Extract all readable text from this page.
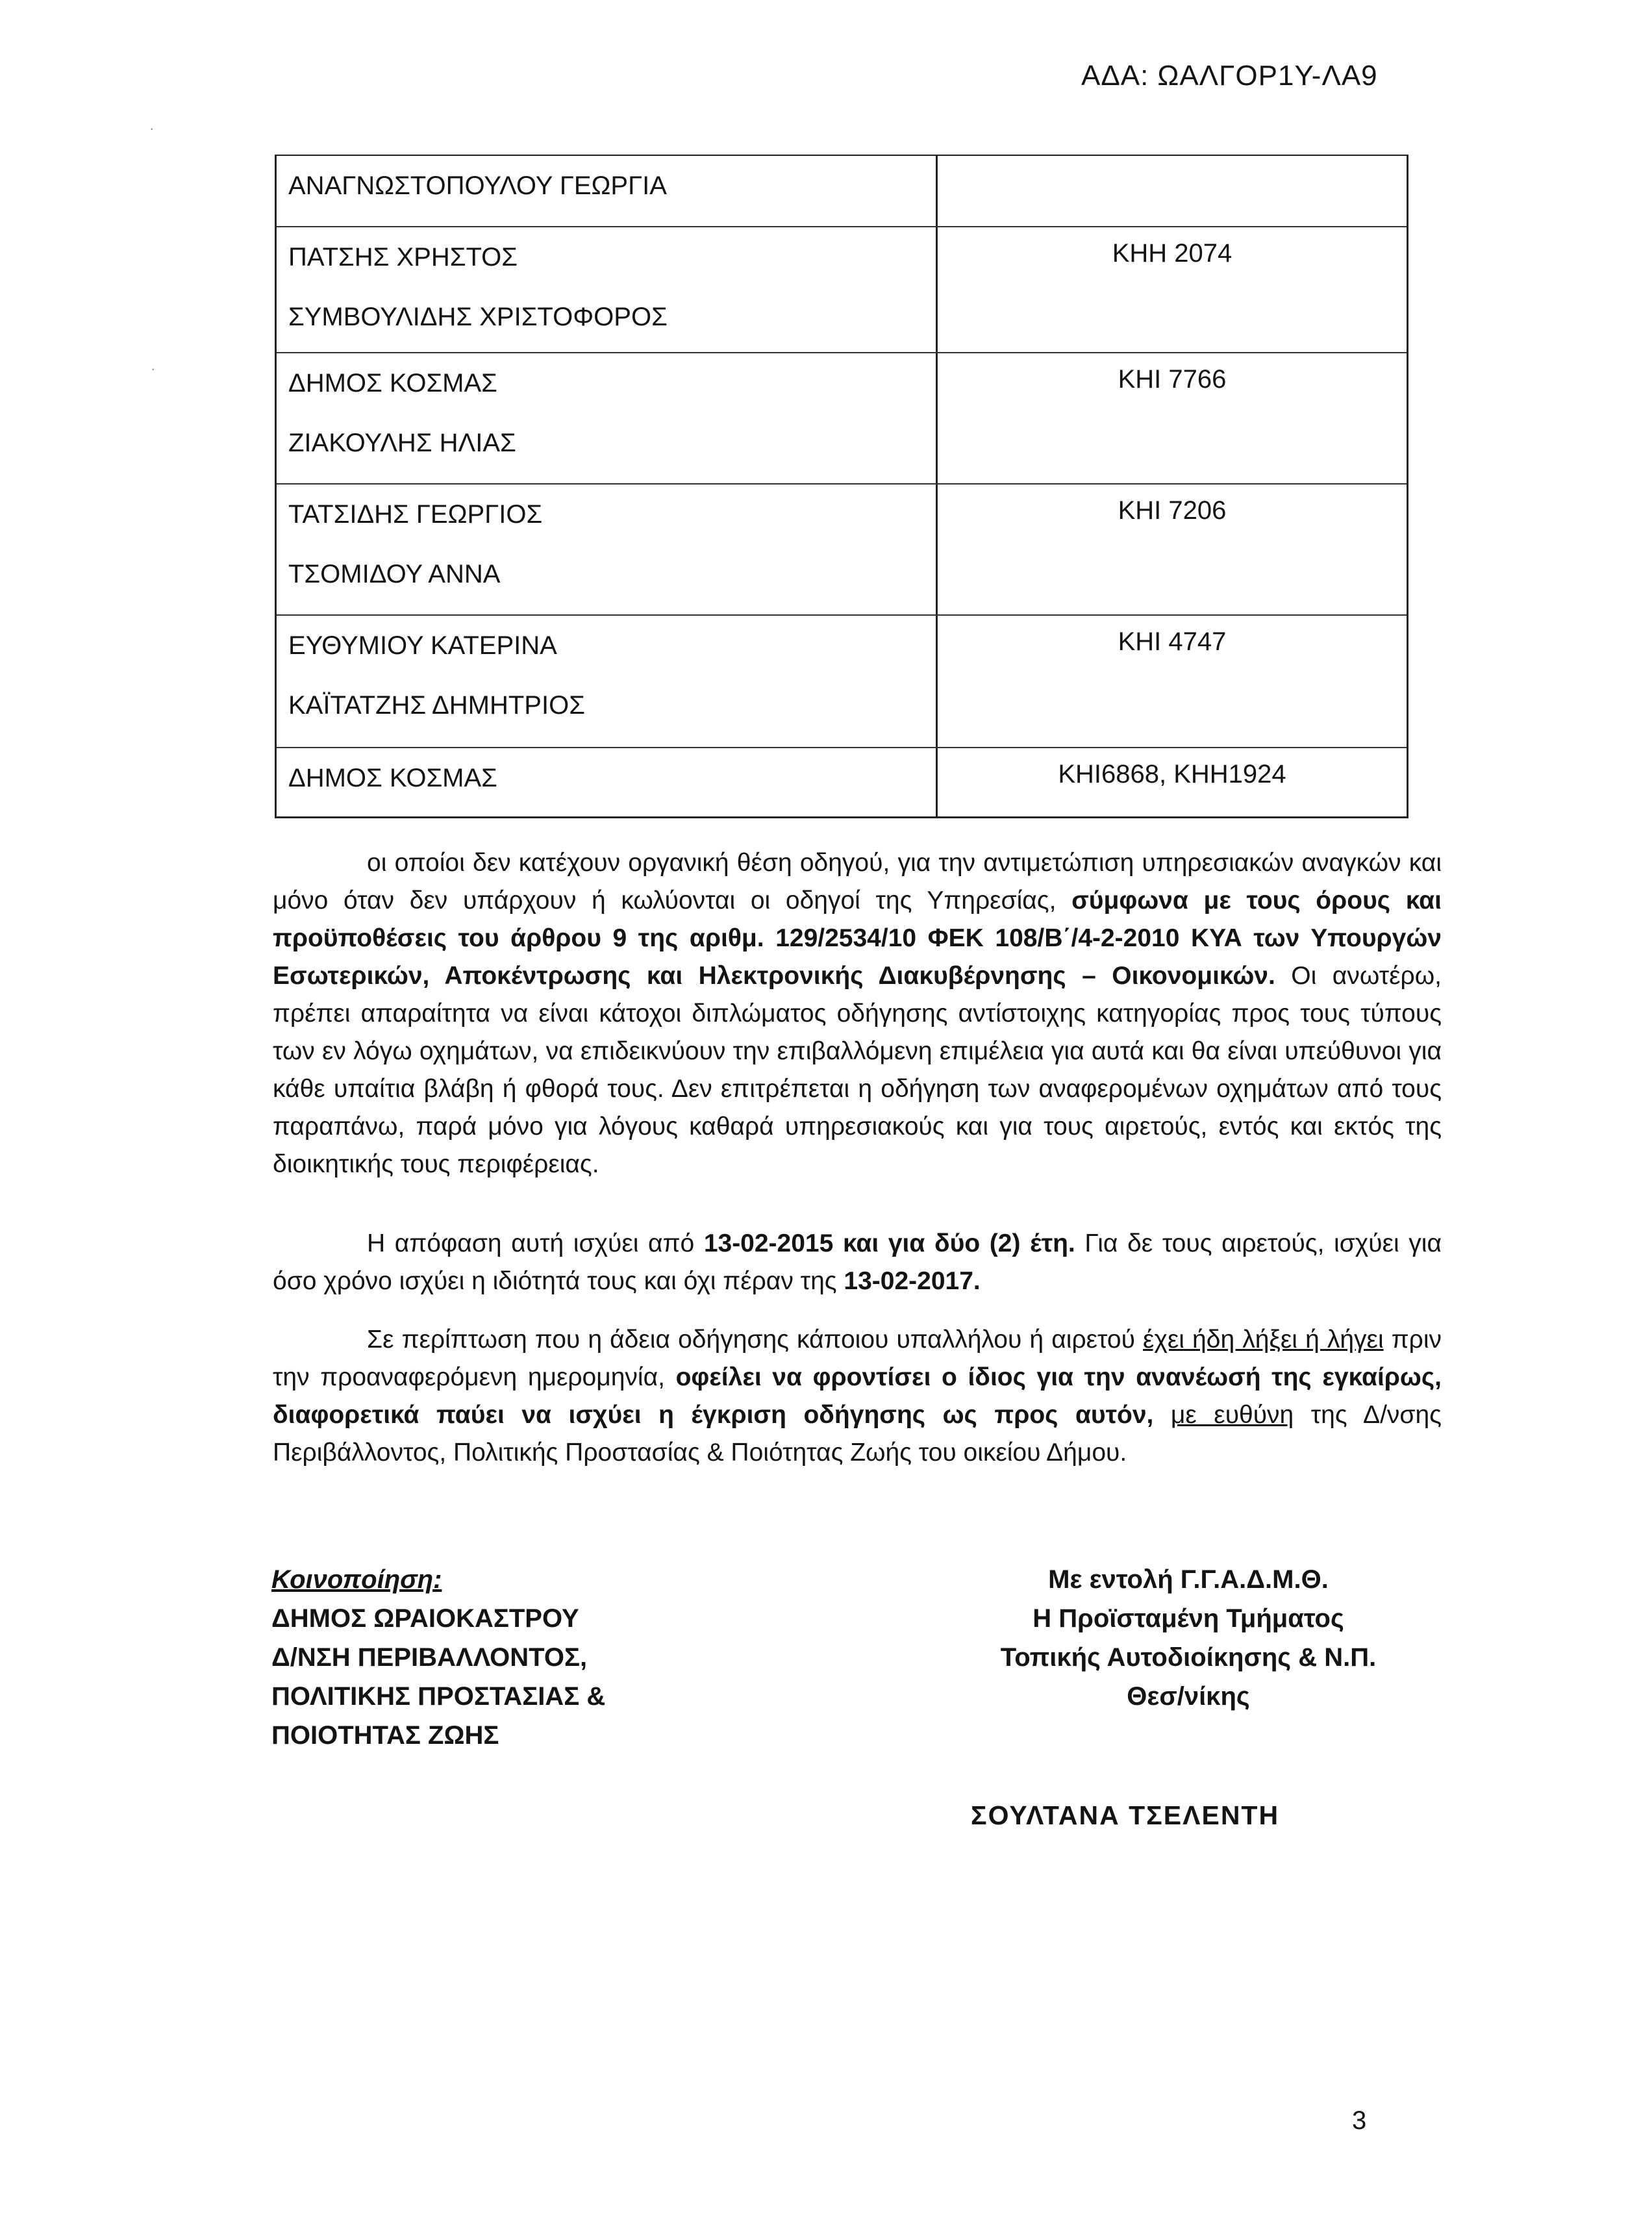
ΑΔΑ: ΩΑΛΓΟΡ1Υ-ΛΑ9
·
·
ΑΝΑΓΝΩΣΤΟΠΟΥΛΟΥ ΓΕΩΡΓΙΑ
ΠΑΤΣΗΣ ΧΡΗΣΤΟΣ
ΣΥΜΒΟΥΛΙΔΗΣ ΧΡΙΣΤΟΦΟΡΟΣ
ΚΗΗ 2074
ΔΗΜΟΣ ΚΟΣΜΑΣ
ΖΙΑΚΟΥΛΗΣ ΗΛΙΑΣ
ΚΗΙ 7766
ΤΑΤΣΙΔΗΣ ΓΕΩΡΓΙΟΣ
ΤΣΟΜΙΔΟΥ ΑΝΝΑ
ΚΗΙ 7206
ΕΥΘΥΜΙΟΥ ΚΑΤΕΡΙΝΑ
ΚΑΪΤΑΤΖΗΣ ΔΗΜΗΤΡΙΟΣ
ΚΗΙ 4747
ΔΗΜΟΣ ΚΟΣΜΑΣ	ΚΗΙ6868, ΚΗΗ1924
οι οποίοι δεν κατέχουν οργανική θέση οδηγού, για την αντιμετώπιση υπηρεσιακών αναγκών και μόνο όταν δεν υπάρχουν ή κωλύονται οι οδηγοί της Υπηρεσίας, σύμφωνα με τους όρους και προϋποθέσεις του άρθρου 9 της αριθμ. 129/2534/10 ΦΕΚ 108/Β΄/4-2-2010 ΚΥΑ των Υπουργών Εσωτερικών, Αποκέντρωσης και Ηλεκτρονικής Διακυβέρνησης – Οικονομικών. Οι ανωτέρω, πρέπει απαραίτητα να είναι κάτοχοι διπλώματος οδήγησης αντίστοιχης κατηγορίας προς τους τύπους των εν λόγω οχημάτων, να επιδεικνύουν την επιβαλλόμενη επιμέλεια για αυτά και θα είναι υπεύθυνοι για κάθε υπαίτια βλάβη ή φθορά τους. Δεν επιτρέπεται η οδήγηση των αναφερομένων οχημάτων από τους παραπάνω, παρά μόνο για λόγους καθαρά υπηρεσιακούς και για τους αιρετούς, εντός και εκτός της διοικητικής τους περιφέρειας.
Η απόφαση αυτή ισχύει από 13-02-2015 και για δύο (2) έτη. Για δε τους αιρετούς, ισχύει για όσο χρόνο ισχύει η ιδιότητά τους και όχι πέραν της 13-02-2017.
Σε περίπτωση που η άδεια οδήγησης κάποιου υπαλλήλου ή αιρετού έχει ήδη λήξει ή λήγει πριν την προαναφερόμενη ημερομηνία, οφείλει να φροντίσει ο ίδιος για την ανανέωσή της εγκαίρως, διαφορετικά παύει να ισχύει η έγκριση οδήγησης ως προς αυτόν, με ευθύνη της Δ/νσης Περιβάλλοντος, Πολιτικής Προστασίας & Ποιότητας Ζωής του οικείου Δήμου.
Κοινοποίηση:
ΔΗΜΟΣ ΩΡΑΙΟΚΑΣΤΡΟΥ
Δ/ΝΣΗ ΠΕΡΙΒΑΛΛΟΝΤΟΣ,
ΠΟΛΙΤΙΚΗΣ ΠΡΟΣΤΑΣΙΑΣ &
ΠΟΙΟΤΗΤΑΣ ΖΩΗΣ
Με εντολή Γ.Γ.Α.Δ.Μ.Θ.
Η Προϊσταμένη Τμήματος
Τοπικής Αυτοδιοίκησης & Ν.Π.
Θεσ/νίκης
ΣΟΥΛΤΑΝΑ ΤΣΕΛΕΝΤΗ
3
